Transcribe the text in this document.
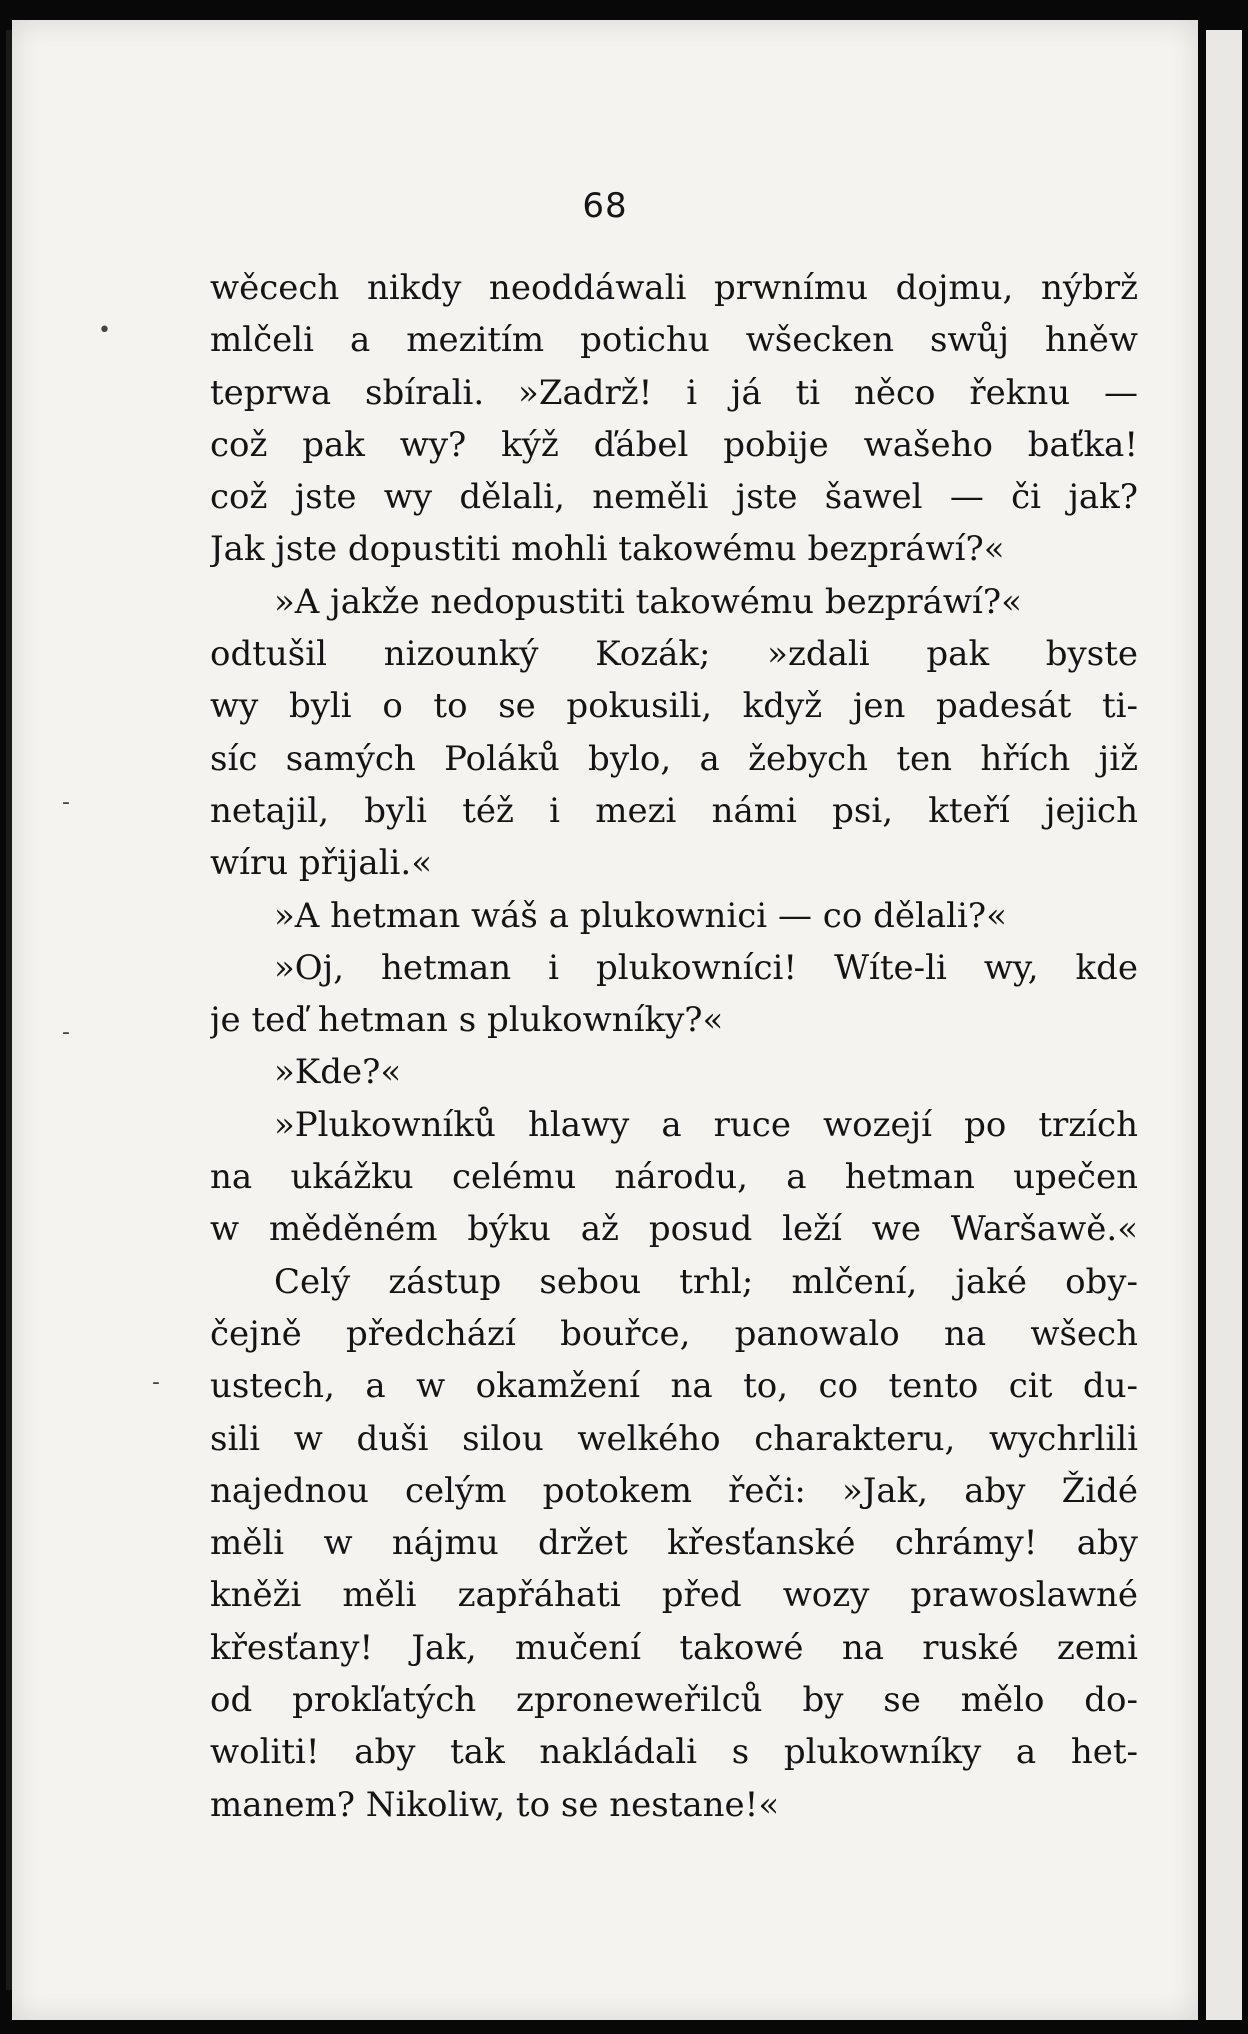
68
wěcech nikdy neoddáwali prwnímu dojmu, nýbrž
mlčeli a mezitím potichu wšecken swůj hněw
teprwa sbírali. »Zadrž! i já ti něco řeknu —
což pak wy? kýž ďábel pobije wašeho baťka!
což jste wy dělali, neměli jste šawel — či jak?
Jak jste dopustiti mohli takowému bezpráwí?«
»A jakže nedopustiti takowému bezpráwí?«
odtušil nizounký Kozák; »zdali pak byste
wy byli o to se pokusili, když jen padesát ti-
síc samých Poláků bylo, a žebych ten hřích již
netajil, byli též i mezi námi psi, kteří jejich
wíru přijali.«
»A hetman wáš a plukownici — co dělali?«
»Oj, hetman i plukowníci! Wíte-li wy, kde
je teď hetman s plukowníky?«
»Kde?«
»Plukowníků hlawy a ruce wozejí po trzích
na ukážku celému národu, a hetman upečen
w měděném býku až posud leží we Waršawě.«
Celý zástup sebou trhl; mlčení, jaké oby-
čejně předchází bouřce, panowalo na wšech
ustech, a w okamžení na to, co tento cit du-
sili w duši silou welkého charakteru, wychrlili
najednou celým potokem řeči: »Jak, aby Židé
měli w nájmu držet křesťanské chrámy! aby
kněži měli zapřáhati před wozy prawoslawné
křesťany! Jak, mučení takowé na ruské zemi
od prokľatých zproneweřilců by se mělo do-
woliti! aby tak nakládali s plukowníky a het-
manem? Nikoliw, to se nestane!«
•
-
-
-
